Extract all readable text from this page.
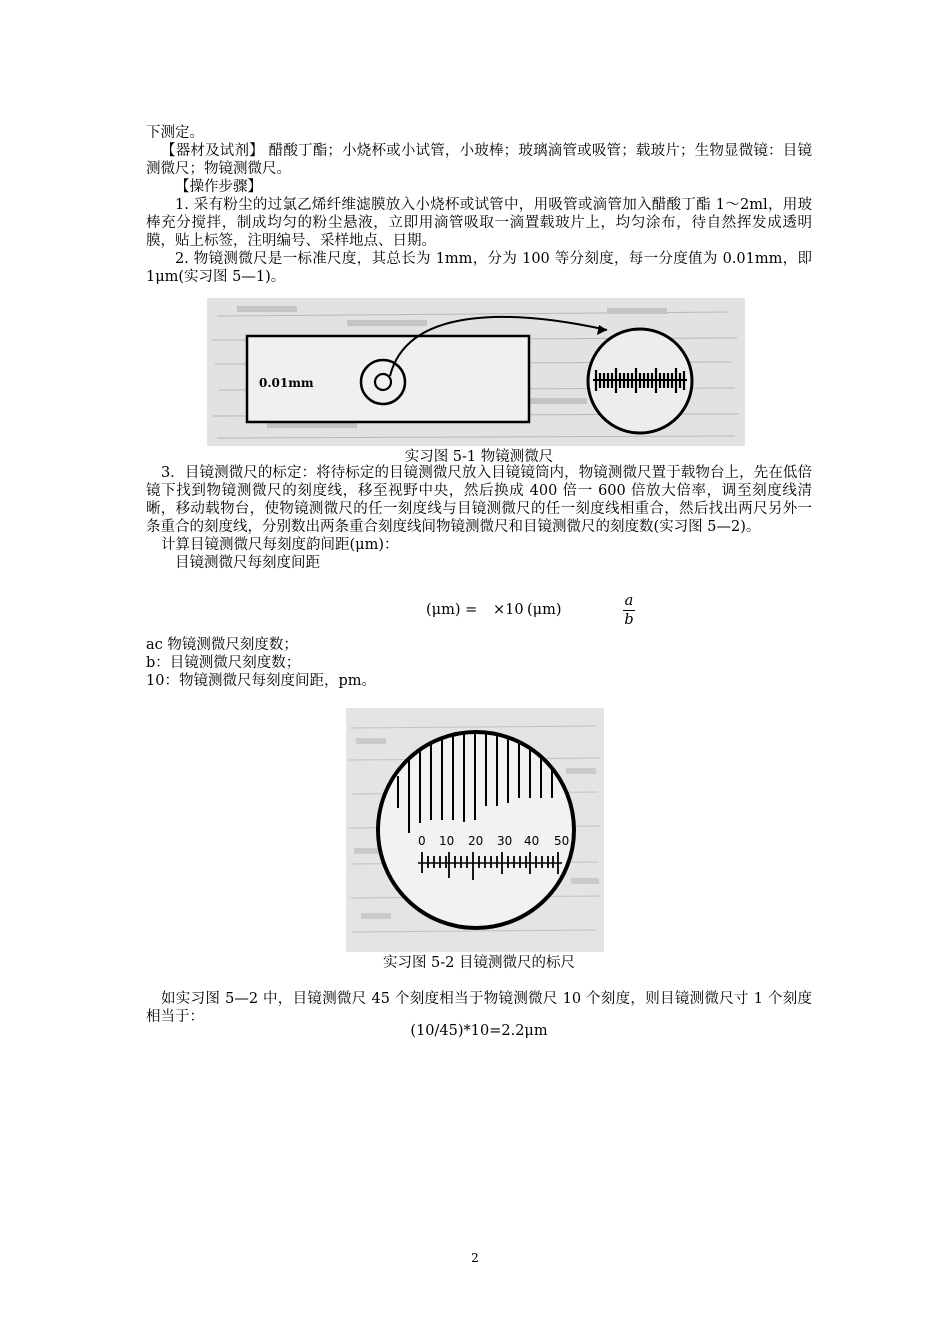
下测定。

【器材及试剂】 醋酸丁酯；小烧杯或小试管，小玻棒；玻璃滴管或吸管；载玻片；生物显微镜：目镜测微尺；物镜测微尺。

【操作步骤】

1. 采有粉尘的过氯乙烯纤维滤膜放入小烧杯或试管中，用吸管或滴管加入醋酸丁酯 1～2ml，用玻棒充分搅拌，制成均匀的粉尘悬液，立即用滴管吸取一滴置载玻片上，均匀涂布，待自然挥发成透明膜，贴上标签，注明编号、采样地点、日期。

2. 物镜测微尺是一标准尺度，其总长为 1mm，分为 100 等分刻度，每一分度值为 0.01mm，即 1μm(实习图 5—1)。

0.01mm
实习图 5-1 物镜测微尺

3．目镜测微尺的标定：将待标定的目镜测微尺放入目镜镜筒内，物镜测微尺置于载物台上，先在低倍镜下找到物镜测微尺的刻度线，移至视野中央，然后换成 400 倍一 600 倍放大倍率，调至刻度线清晰，移动载物台，使物镜测微尺的任一刻度线与目镜测微尺的任一刻度线相重合，然后找出两尺另外一条重合的刻度线，分别数出两条重合刻度线间物镜测微尺和目镜测微尺的刻度数(实习图 5—2)。

计算目镜测微尺每刻度韵间距(μm)：

目镜测微尺每刻度间距

(μm) =
a
b
×10 (μm)

ac 物镜测微尺刻度数；

b：目镜测微尺刻度数；

10：物镜测微尺每刻度间距，pm。

0 10 20 30 40 50
实习图 5-2 目镜测微尺的标尺

如实习图 5—2 中，目镜测微尺 45 个刻度相当于物镜测微尺 10 个刻度，则目镜测微尺寸 1 个刻度相当于：

(10/45)*10=2.2μm
2
